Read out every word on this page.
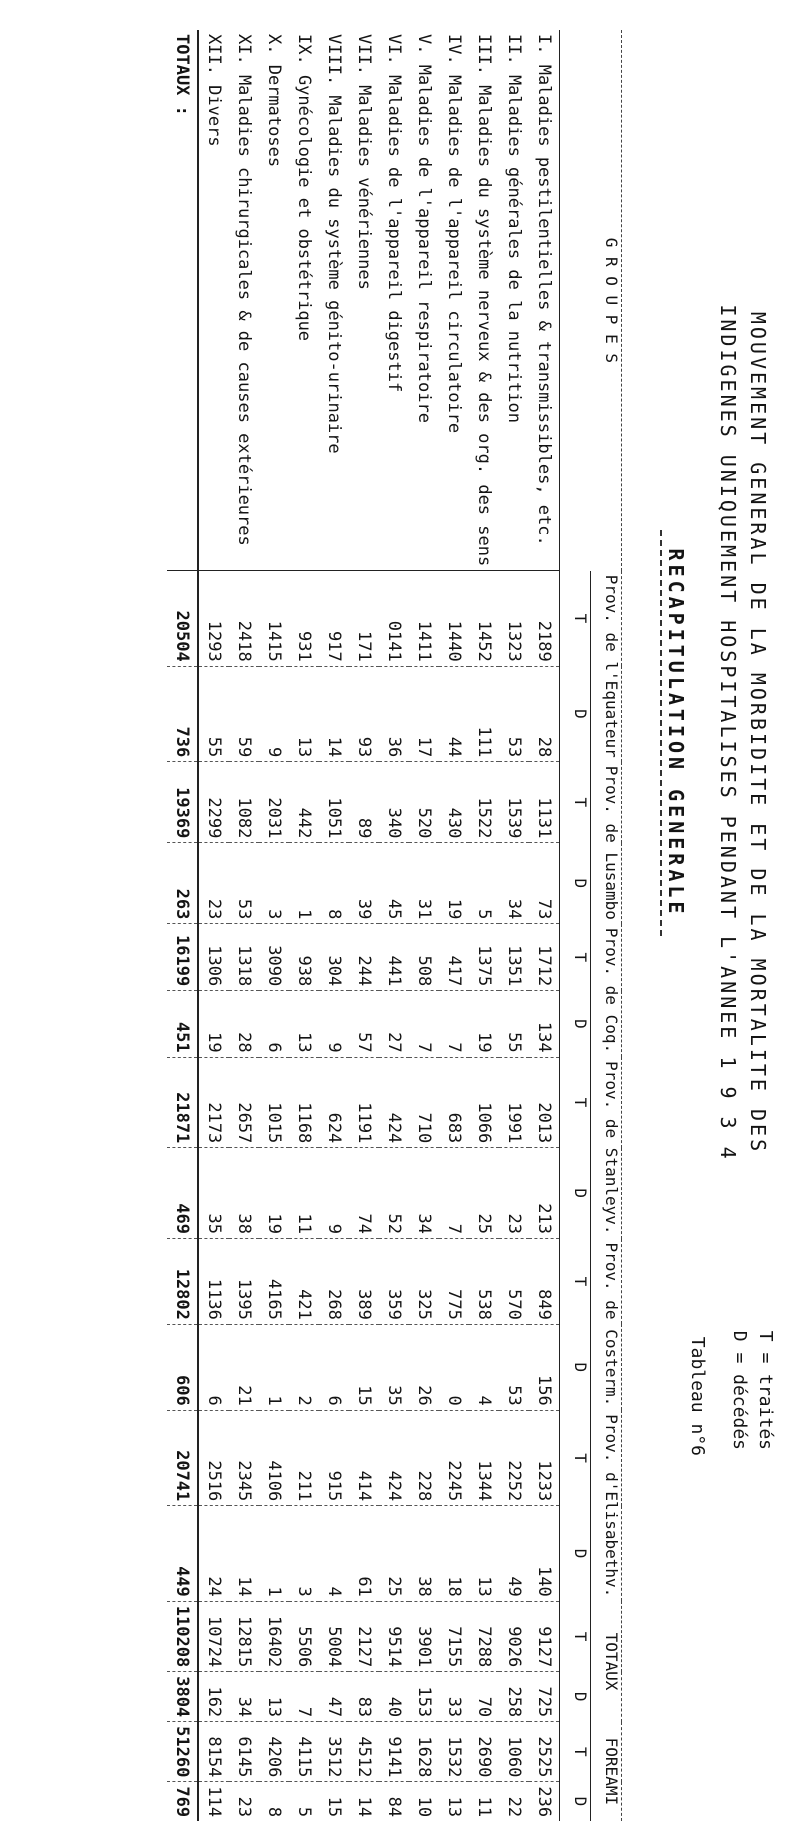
MOUVEMENT GENERAL DE LA MORBIDITE ET DE LA MORTALITE DES
INDIGENES UNIQUEMENT HOSPITALISES PENDANT L'ANNEE 1 9 3 4
RECAPITULATION GENERALE
T = traités
D = décédés
Tableau n°6
G R O U P E S	Prov. de l'Equateur		Prov. de Lusambo		Prov. de Coq.		Prov. de Stanleyv.		Prov. de Costerm.		Prov. d'Elisabethv.		TOTAUX		FOREAMI	
	T	D	T	D	T	D	T	D	T	D	T	D	T	D	T	D
I. Maladies pestilentielles & transmissibles, etc.	2189	28	1131	73	1712	134	2013	213	849	156	1233	140	9127	725	2525	236
II. Maladies générales de la nutrition	1323	53	1539	34	1351	55	1991	23	570	53	2252	49	9026	258	1060	22
III. Maladies du système nerveux & des org. des sens	1452	111	1522	5	1375	19	1066	25	538	4	1344	13	7288	70	2690	11
IV. Maladies de l'appareil circulatoire	1440	44	430	19	417	7	683	7	775	0	2245	18	7155	33	1532	13
V. Maladies de l'appareil respiratoire	1411	17	520	31	508	7	710	34	325	26	228	38	3901	153	1628	10
VI. Maladies de l'appareil digestif	0141	36	340	45	441	27	424	52	359	35	424	25	9514	40	9141	84
VII. Maladies vénériennes	171	93	89	39	244	57	1191	74	389	15	414	61	2127	83	4512	14
VIII. Maladies du système génito-urinaire	917	14	1051	8	304	9	624	9	268	6	915	4	5004	47	3512	15
IX. Gynécologie et obstétrique	931	13	442	1	938	13	1168	11	421	2	211	3	5506	7	4115	5
X. Dermatoses	1415	9	2031	3	3090	6	1015	19	4165	1	4106	1	16402	13	4206	8
XI. Maladies chirurgicales & de causes extérieures	2418	59	1082	53	1318	28	2657	38	1395	21	2345	14	12815	34	6145	23
XII. Divers	1293	55	2299	23	1306	19	2173	35	1136	6	2516	24	10724	162	8154	114
TOTAUX :	20504	736	19369	263	16199	451	21871	469	12802	606	20741	449	110208	3804	51260	769
